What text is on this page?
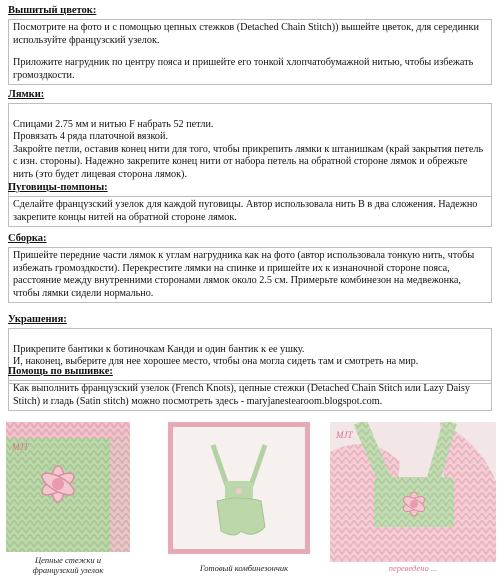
Вышитый цветок:

Посмотрите на фото и с помощью цепных стежков (Detached Chain Stitch)) вышейте цветок, для серединки используйте французский узелок.

Приложите нагрудник по центру пояса и пришейте его тонкой хлопчатобумажной нитью, чтобы избежать громоздкости.

Лямки:

Спицами 2.75 мм и нитью F набрать 52 петли.
Провязать 4 ряда платочной вязкой.
Закройте петли, оставив конец нити для того, чтобы прикрепить лямки к штанишкам (край закрытия петель с изн. стороны). Надежно закрепите конец нити от набора петель на обратной стороне лямок и обрежьте нить (это будет лицевая сторона лямок).

Пуговицы-помпоны:

Сделайте французский узелок для каждой пуговицы. Автор использовала нить В в два сложения. Надежно закрепите концы нитей на обратной стороне лямок.

Сборка:

Пришейте передние части лямок к углам нагрудника как на фото (автор использовала тонкую нить, чтобы избежать громоздкости). Перекрестите лямки на спинке и пришейте их к изнаночной стороне пояса, расстояние между внутренними сторонами лямок около 2.5 см. Примерьте комбинезон на медвежонка, чтобы лямки сидели нормально.

Украшения:

Прикрепите бантики к ботиночкам Канди и один бантик к ее ушку.
И, наконец, выберите для нее хорошее место, чтобы она могла сидеть там и смотреть на мир.

Помощь по вышивке:

Как выполнить французский узелок (French Knots), цепные стежки (Detached Chain Stitch или Lazy Daisy Stitch) и гладь (Satin stitch) можно посмотреть здесь - maryjanestearoom.blogspot.com.

MJT
Цепные стежки и
французский узелок	Готовый комбинезончик
MJT
переведено ...
